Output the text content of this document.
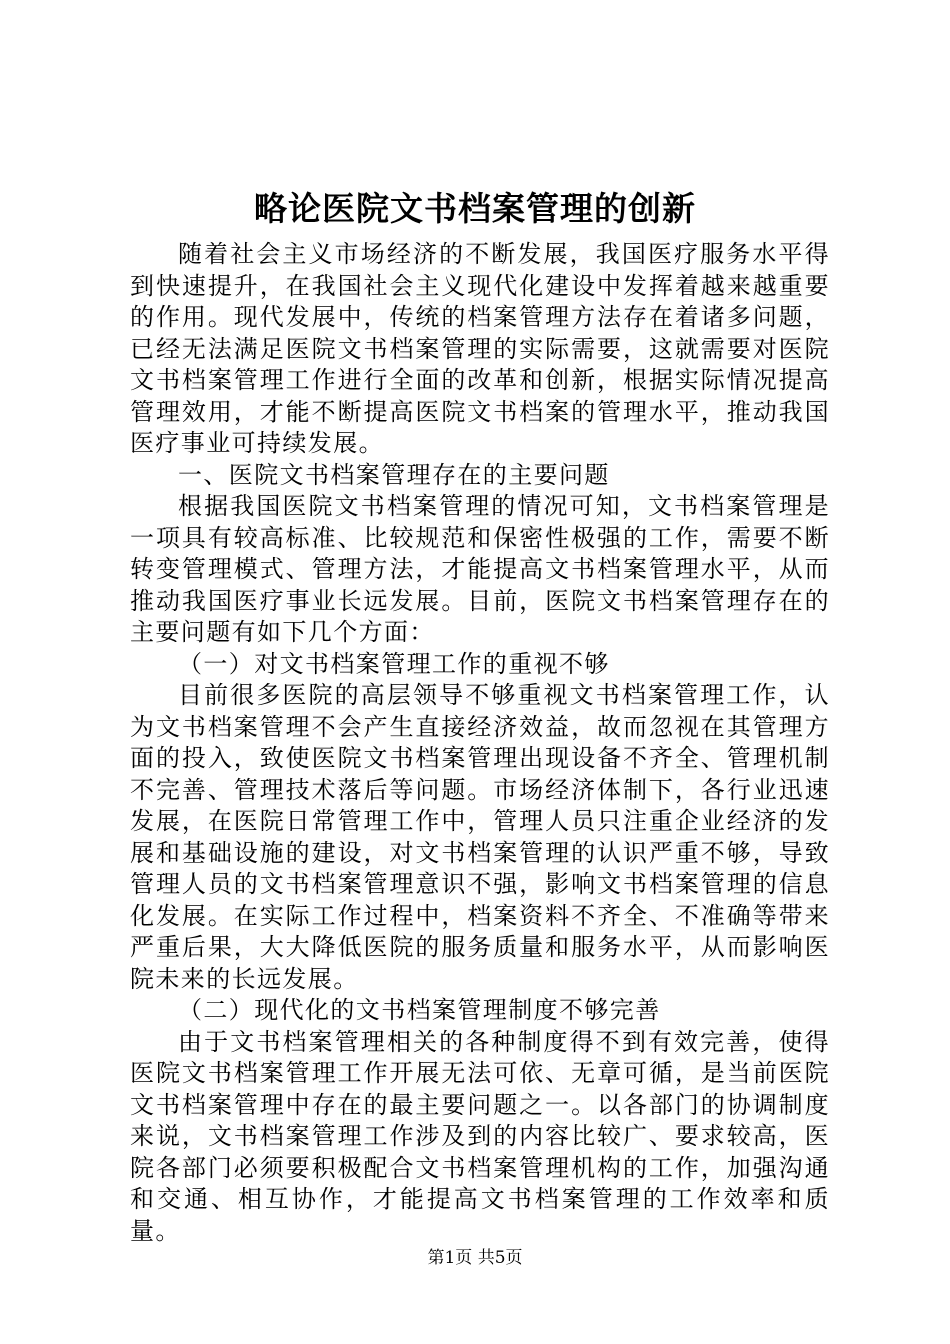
略论医院文书档案管理的创新

随着社会主义市场经济的不断发展，我国医疗服务水平得到快速提升，在我国社会主义现代化建设中发挥着越来越重要的作用。现代发展中，传统的档案管理方法存在着诸多问题，已经无法满足医院文书档案管理的实际需要，这就需要对医院文书档案管理工作进行全面的改革和创新，根据实际情况提高管理效用，才能不断提高医院文书档案的管理水平，推动我国医疗事业可持续发展。

一、医院文书档案管理存在的主要问题

根据我国医院文书档案管理的情况可知，文书档案管理是一项具有较高标准、比较规范和保密性极强的工作，需要不断转变管理模式、管理方法，才能提高文书档案管理水平，从而推动我国医疗事业长远发展。目前，医院文书档案管理存在的主要问题有如下几个方面：

（一）对文书档案管理工作的重视不够

目前很多医院的高层领导不够重视文书档案管理工作，认为文书档案管理不会产生直接经济效益，故而忽视在其管理方面的投入，致使医院文书档案管理出现设备不齐全、管理机制不完善、管理技术落后等问题。市场经济体制下，各行业迅速发展，在医院日常管理工作中，管理人员只注重企业经济的发展和基础设施的建设，对文书档案管理的认识严重不够，导致管理人员的文书档案管理意识不强，影响文书档案管理的信息化发展。在实际工作过程中，档案资料不齐全、不准确等带来严重后果，大大降低医院的服务质量和服务水平，从而影响医院未来的长远发展。

（二）现代化的文书档案管理制度不够完善

由于文书档案管理相关的各种制度得不到有效完善，使得医院文书档案管理工作开展无法可依、无章可循，是当前医院文书档案管理中存在的最主要问题之一。以各部门的协调制度来说，文书档案管理工作涉及到的内容比较广、要求较高，医院各部门必须要积极配合文书档案管理机构的工作，加强沟通和交通、相互协作，才能提高文书档案管理的工作效率和质量。

第1页 共5页
